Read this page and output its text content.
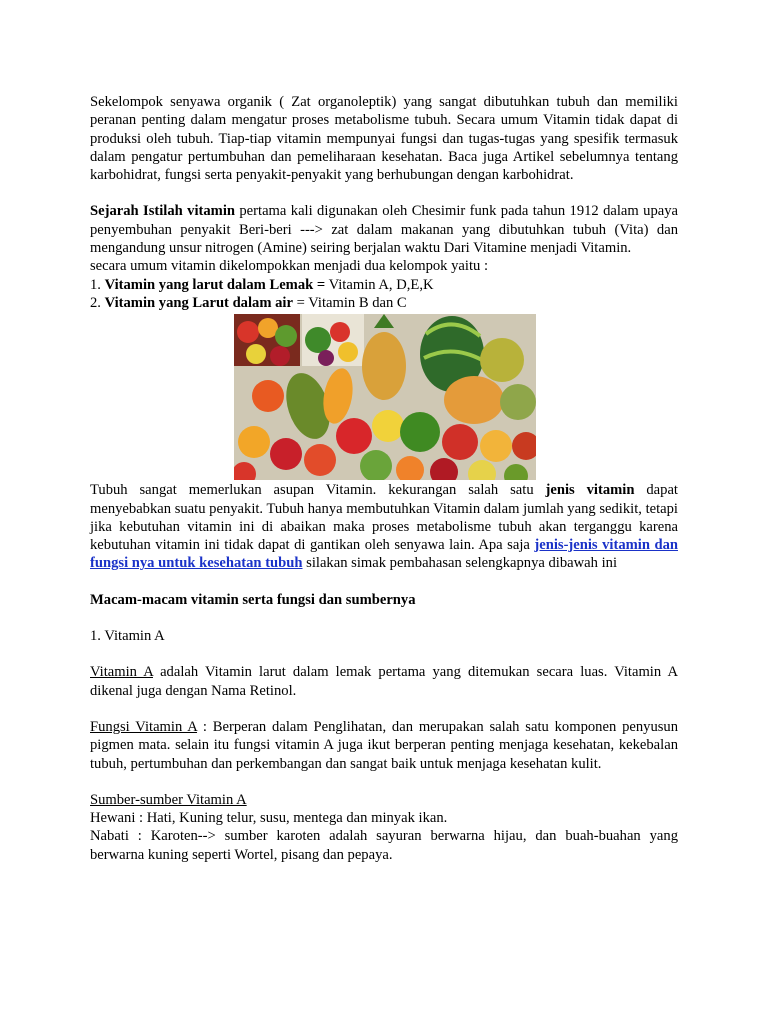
Sekelompok senyawa organik ( Zat organoleptik) yang sangat dibutuhkan tubuh dan memiliki peranan penting dalam mengatur proses metabolisme tubuh. Secara umum Vitamin tidak dapat di produksi oleh tubuh. Tiap-tiap vitamin mempunyai fungsi dan tugas-tugas yang spesifik termasuk dalam pengatur pertumbuhan dan pemeliharaan kesehatan. Baca juga Artikel sebelumnya tentang karbohidrat, fungsi serta penyakit-penyakit yang berhubungan dengan karbohidrat.

Sejarah Istilah vitamin pertama kali digunakan oleh Chesimir funk pada tahun 1912 dalam upaya penyembuhan penyakit Beri-beri ---> zat dalam makanan yang dibutuhkan tubuh (Vita) dan mengandung unsur nitrogen (Amine) seiring berjalan waktu Dari Vitamine menjadi Vitamin.

secara umum vitamin dikelompokkan menjadi dua kelompok yaitu :

1. Vitamin yang larut dalam Lemak = Vitamin A, D,E,K

2. Vitamin yang Larut dalam air = Vitamin B dan C

Tubuh sangat memerlukan asupan Vitamin. kekurangan salah satu jenis vitamin dapat menyebabkan suatu penyakit. Tubuh hanya membutuhkan Vitamin dalam jumlah yang sedikit, tetapi jika kebutuhan vitamin ini di abaikan maka proses metabolisme tubuh akan terganggu karena kebutuhan vitamin ini tidak dapat di gantikan oleh senyawa lain. Apa saja jenis-jenis vitamin dan fungsi nya untuk kesehatan tubuh silakan simak pembahasan selengkapnya dibawah ini

Macam-macam vitamin serta fungsi dan sumbernya

1. Vitamin A

Vitamin A adalah Vitamin larut dalam lemak pertama yang ditemukan secara luas. Vitamin A dikenal juga dengan Nama Retinol.

Fungsi Vitamin A : Berperan dalam Penglihatan, dan merupakan salah satu komponen penyusun pigmen mata. selain itu fungsi vitamin A juga ikut berperan penting menjaga kesehatan, kekebalan tubuh, pertumbuhan dan perkembangan dan sangat baik untuk menjaga kesehatan kulit.

Sumber-sumber Vitamin A

Hewani : Hati, Kuning telur, susu, mentega dan minyak ikan.

Nabati : Karoten--> sumber karoten adalah sayuran berwarna hijau, dan buah-buahan yang berwarna kuning seperti Wortel, pisang dan pepaya.
